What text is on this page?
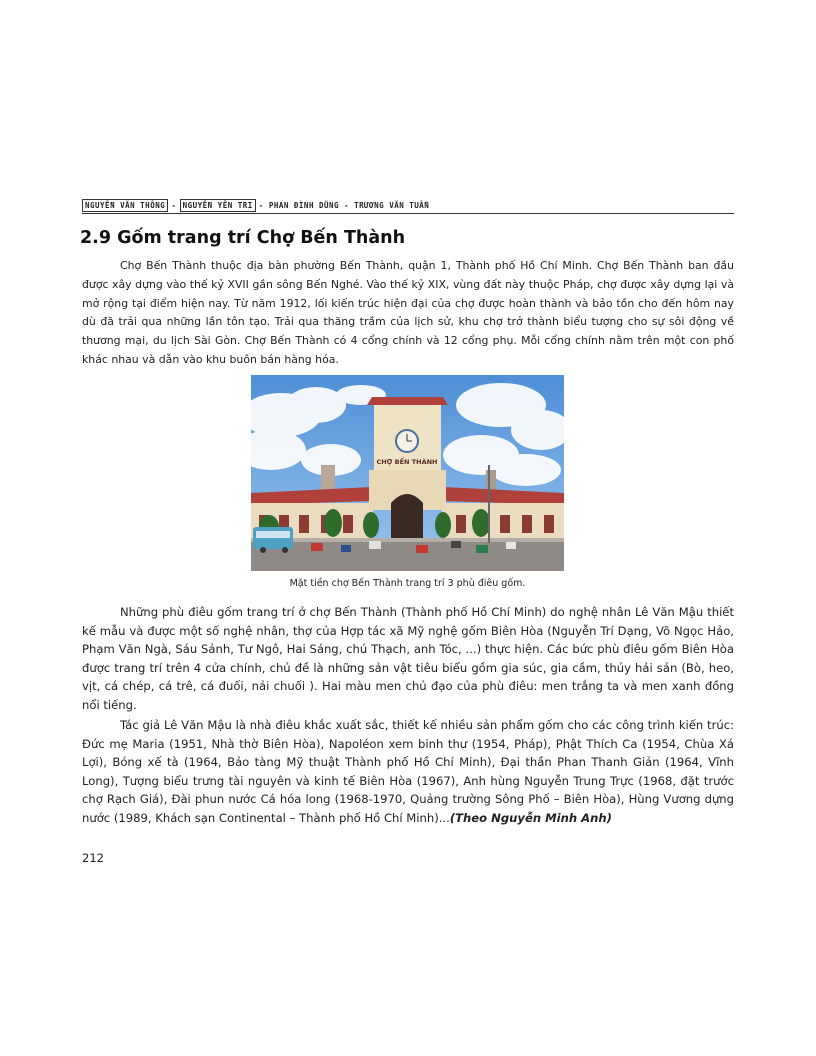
NGUYỄN VĂN THÔNG - NGUYỄN YÊN TRI - PHAN ĐÌNH DŨNG - TRƯƠNG VĂN TUẤN
2.9 Gốm trang trí Chợ Bến Thành

Chợ Bến Thành thuộc địa bàn phường Bến Thành, quận 1, Thành phố Hồ Chí Minh. Chợ Bến Thành ban đầu được xây dựng vào thế kỷ XVII gần sông Bến Nghé. Vào thế kỷ XIX, vùng đất này thuộc Pháp, chợ được xây dựng lại và mở rộng tại điểm hiện nay. Từ năm 1912, lối kiến trúc hiện đại của chợ được hoàn thành và bảo tồn cho đến hôm nay dù đã trải qua những lần tôn tạo. Trải qua thăng trầm của lịch sử, khu chợ trở thành biểu tượng cho sự sôi động về thương mại, du lịch Sài Gòn. Chợ Bến Thành có 4 cổng chính và 12 cổng phụ. Mỗi cổng chính nằm trên một con phố khác nhau và dẫn vào khu buôn bán hàng hóa.

CHỢ BẾN THÀNH

Mặt tiền chợ Bến Thành trang trí 3 phù điêu gốm.

Những phù điêu gốm trang trí ở chợ Bến Thành (Thành phố Hồ Chí Minh) do nghệ nhân Lê Văn Mậu thiết kế mẫu và được một số nghệ nhân, thợ của Hợp tác xã Mỹ nghệ gốm Biên Hòa (Nguyễn Trí Dạng, Võ Ngọc Hảo, Phạm Văn Ngà, Sáu Sảnh, Tư Ngô, Hai Sáng, chú Thạch, anh Tóc, ...) thực hiện. Các bức phù điêu gốm Biên Hòa được trang trí trên 4 cửa chính, chủ đề là những sản vật tiêu biểu gồm gia súc, gia cầm, thủy hải sản (Bò, heo, vịt, cá chép, cá trê, cá đuối, nải chuối ). Hai màu men chủ đạo của phù điêu: men trắng ta và men xanh đồng nổi tiếng.

Tác giả Lê Văn Mậu là nhà điêu khắc xuất sắc, thiết kế nhiều sản phẩm gốm cho các công trình kiến trúc: Đức mẹ Maria (1951, Nhà thờ Biên Hòa), Napoléon xem binh thư (1954, Pháp), Phật Thích Ca (1954, Chùa Xá Lợi), Bóng xế tà (1964, Bảo tàng Mỹ thuật Thành phố Hồ Chí Minh), Đại thần Phan Thanh Giản (1964, Vĩnh Long), Tượng biểu trưng tài nguyên và kinh tế Biên Hòa (1967), Anh hùng Nguyễn Trung Trực (1968, đặt trước chợ Rạch Giá), Đài phun nước Cá hóa long (1968-1970, Quảng trường Sông Phố – Biên Hòa), Hùng Vương dựng nước (1989, Khách sạn Continental – Thành phố Hồ Chí Minh)...(Theo Nguyễn Minh Anh)

212
